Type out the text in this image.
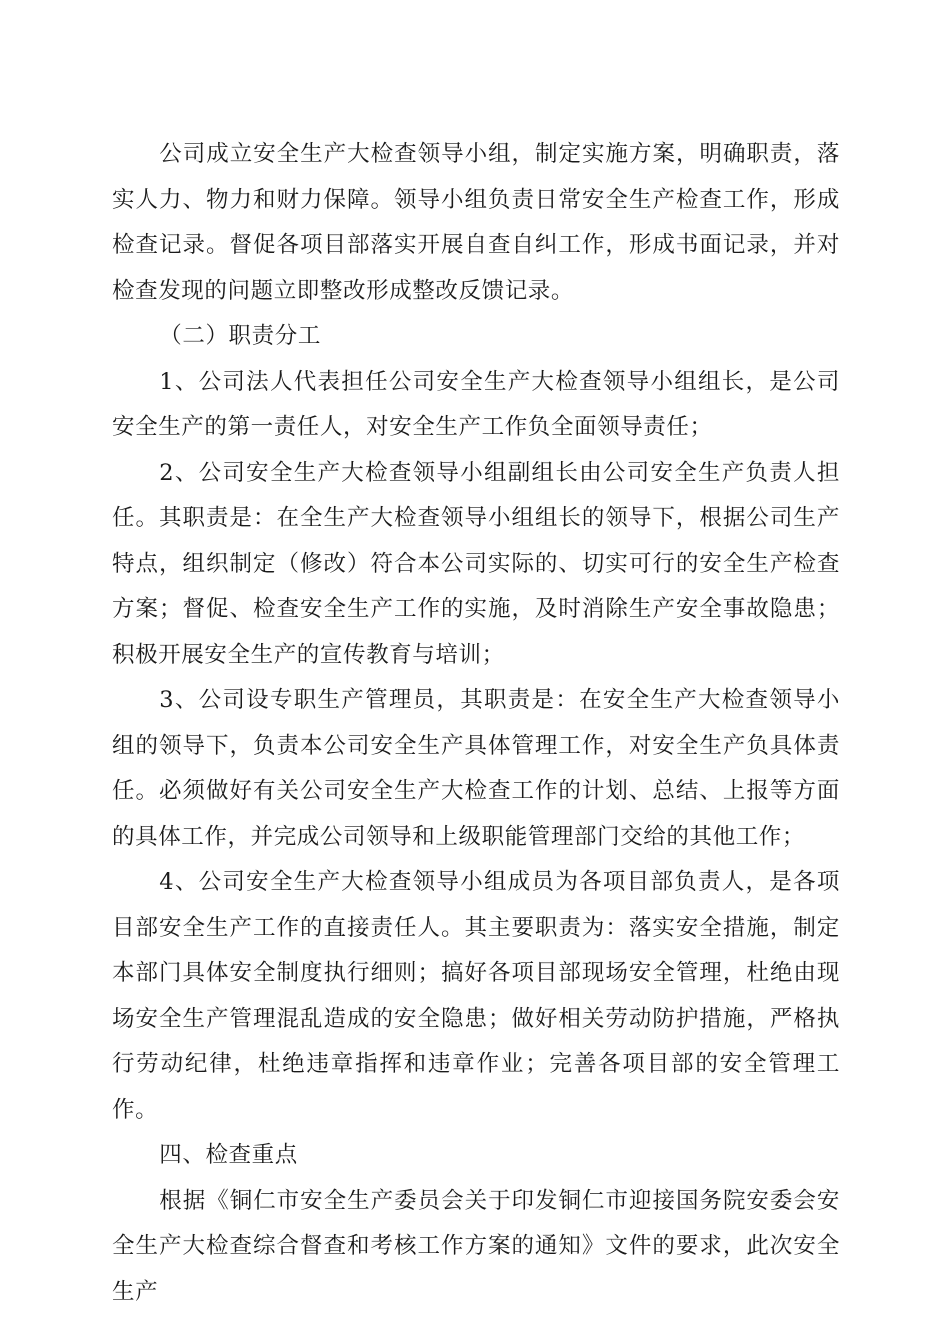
公司成立安全生产大检查领导小组，制定实施方案，明确职责，落实人力、物力和财力保障。领导小组负责日常安全生产检查工作，形成检查记录。督促各项目部落实开展自查自纠工作，形成书面记录，并对检查发现的问题立即整改形成整改反馈记录。

（二）职责分工

1、公司法人代表担任公司安全生产大检查领导小组组长，是公司安全生产的第一责任人，对安全生产工作负全面领导责任；

2、公司安全生产大检查领导小组副组长由公司安全生产负责人担任。其职责是：在全生产大检查领导小组组长的领导下，根据公司生产特点，组织制定（修改）符合本公司实际的、切实可行的安全生产检查方案；督促、检查安全生产工作的实施，及时消除生产安全事故隐患；积极开展安全生产的宣传教育与培训；

3、公司设专职生产管理员，其职责是：在安全生产大检查领导小组的领导下，负责本公司安全生产具体管理工作，对安全生产负具体责任。必须做好有关公司安全生产大检查工作的计划、总结、上报等方面的具体工作，并完成公司领导和上级职能管理部门交给的其他工作；

4、公司安全生产大检查领导小组成员为各项目部负责人，是各项目部安全生产工作的直接责任人。其主要职责为：落实安全措施，制定本部门具体安全制度执行细则；搞好各项目部现场安全管理，杜绝由现场安全生产管理混乱造成的安全隐患；做好相关劳动防护措施，严格执行劳动纪律，杜绝违章指挥和违章作业；完善各项目部的安全管理工作。

四、检查重点

根据《铜仁市安全生产委员会关于印发铜仁市迎接国务院安委会安全生产大检查综合督查和考核工作方案的通知》文件的要求，此次安全生产
